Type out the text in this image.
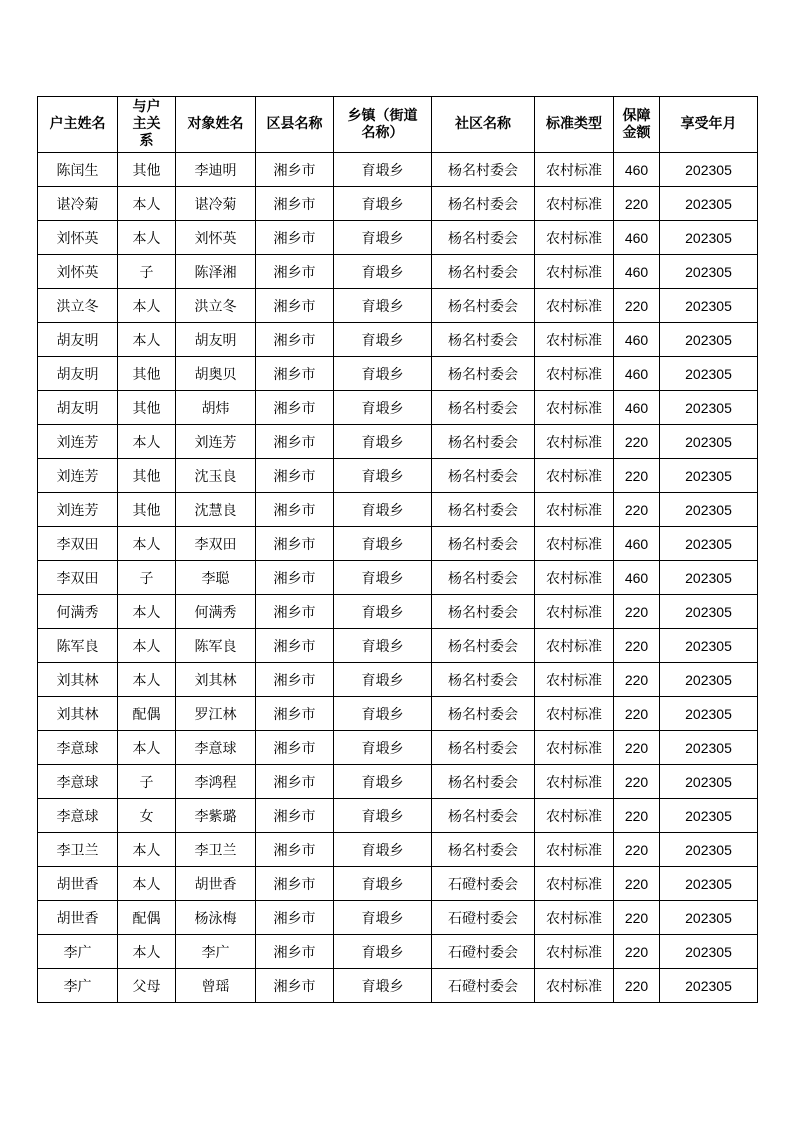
户主姓名	与户主关系	对象姓名	区县名称	乡镇（街道名称）	社区名称	标准类型	保障金额	享受年月
陈闰生	其他	李迪明	湘乡市	育塅乡	杨名村委会	农村标准	460	202305
谌冷菊	本人	谌冷菊	湘乡市	育塅乡	杨名村委会	农村标准	220	202305
刘怀英	本人	刘怀英	湘乡市	育塅乡	杨名村委会	农村标准	460	202305
刘怀英	子	陈泽湘	湘乡市	育塅乡	杨名村委会	农村标准	460	202305
洪立冬	本人	洪立冬	湘乡市	育塅乡	杨名村委会	农村标准	220	202305
胡友明	本人	胡友明	湘乡市	育塅乡	杨名村委会	农村标准	460	202305
胡友明	其他	胡奥贝	湘乡市	育塅乡	杨名村委会	农村标准	460	202305
胡友明	其他	胡炜	湘乡市	育塅乡	杨名村委会	农村标准	460	202305
刘连芳	本人	刘连芳	湘乡市	育塅乡	杨名村委会	农村标准	220	202305
刘连芳	其他	沈玉良	湘乡市	育塅乡	杨名村委会	农村标准	220	202305
刘连芳	其他	沈慧良	湘乡市	育塅乡	杨名村委会	农村标准	220	202305
李双田	本人	李双田	湘乡市	育塅乡	杨名村委会	农村标准	460	202305
李双田	子	李聪	湘乡市	育塅乡	杨名村委会	农村标准	460	202305
何满秀	本人	何满秀	湘乡市	育塅乡	杨名村委会	农村标准	220	202305
陈军良	本人	陈军良	湘乡市	育塅乡	杨名村委会	农村标准	220	202305
刘其林	本人	刘其林	湘乡市	育塅乡	杨名村委会	农村标准	220	202305
刘其林	配偶	罗江林	湘乡市	育塅乡	杨名村委会	农村标准	220	202305
李意球	本人	李意球	湘乡市	育塅乡	杨名村委会	农村标准	220	202305
李意球	子	李鸿程	湘乡市	育塅乡	杨名村委会	农村标准	220	202305
李意球	女	李紫璐	湘乡市	育塅乡	杨名村委会	农村标准	220	202305
李卫兰	本人	李卫兰	湘乡市	育塅乡	杨名村委会	农村标准	220	202305
胡世香	本人	胡世香	湘乡市	育塅乡	石磴村委会	农村标准	220	202305
胡世香	配偶	杨泳梅	湘乡市	育塅乡	石磴村委会	农村标准	220	202305
李广	本人	李广	湘乡市	育塅乡	石磴村委会	农村标准	220	202305
李广	父母	曾瑶	湘乡市	育塅乡	石磴村委会	农村标准	220	202305
